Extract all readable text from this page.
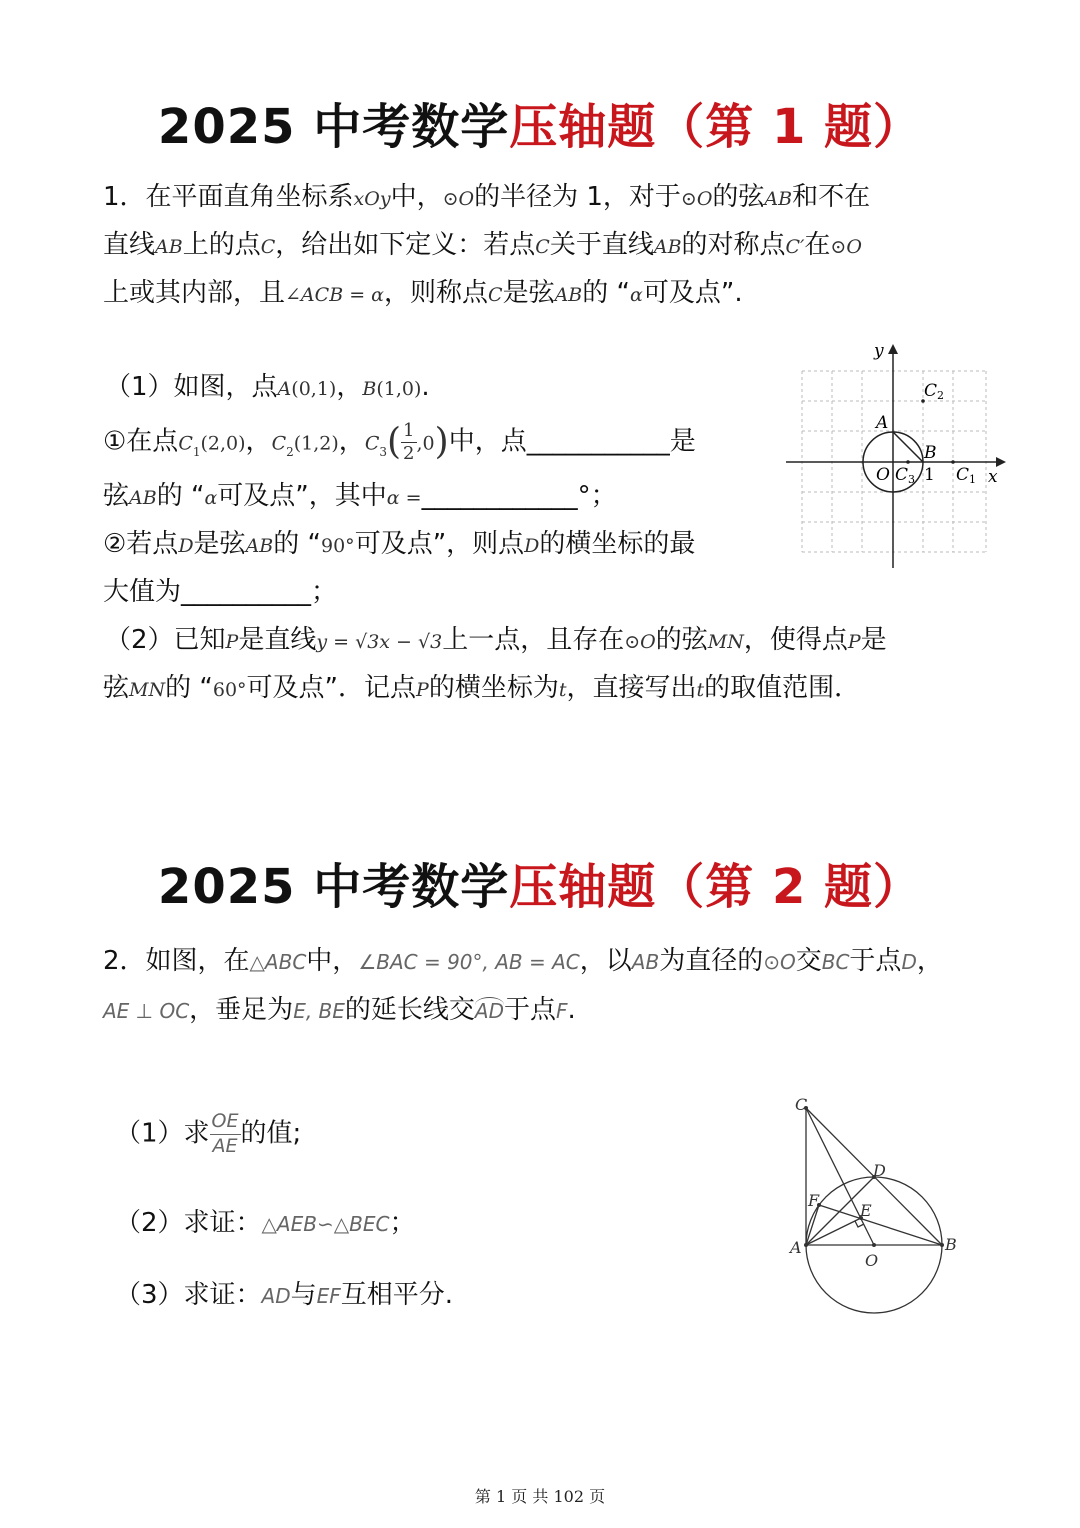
2025 中考数学压轴题（第 1 题）
1．在平面直角坐标系xOy中，⊙O的半径为 1，对于⊙O的弦AB和不在
直线AB上的点C，给出如下定义：若点C关于直线AB的对称点C′在⊙O
上或其内部，且∠ACB = α，则称点C是弦AB的 “α可及点”.
（1）如图，点A(0,1)，B(1,0).
①在点$C_1(2,0)$，$C_2(1,2)$，$C_3( \frac{1}{2} ,0)$中，点___________是
弦AB的 “α可及点”，其中α =____________°；
②若点D是弦AB的 “90°可及点”，则点D的横坐标的最
大值为__________；
（2）已知P是直线y = √3x − √3上一点，且存在⊙O的弦MN，使得点P是
弦MN的 “60°可及点”．记点P的横坐标为t，直接写出t的取值范围．
y
x
A
B
O 1 C1
C2
C3
2025 中考数学压轴题（第 2 题）
2．如图，在△ABC中，∠BAC = 90°, AB = AC，以AB为直径的⊙O交BC于点D，
AE ⊥ OC，垂足为E, BE的延长线交AD于点F.
（1）求 $\frac{OE}{AE}$ 的值;
（2）求证：△AEB∽△BEC；
（3）求证：AD与EF互相平分.
C
D
F
E
A
O
B
第 1 页 共 102 页
